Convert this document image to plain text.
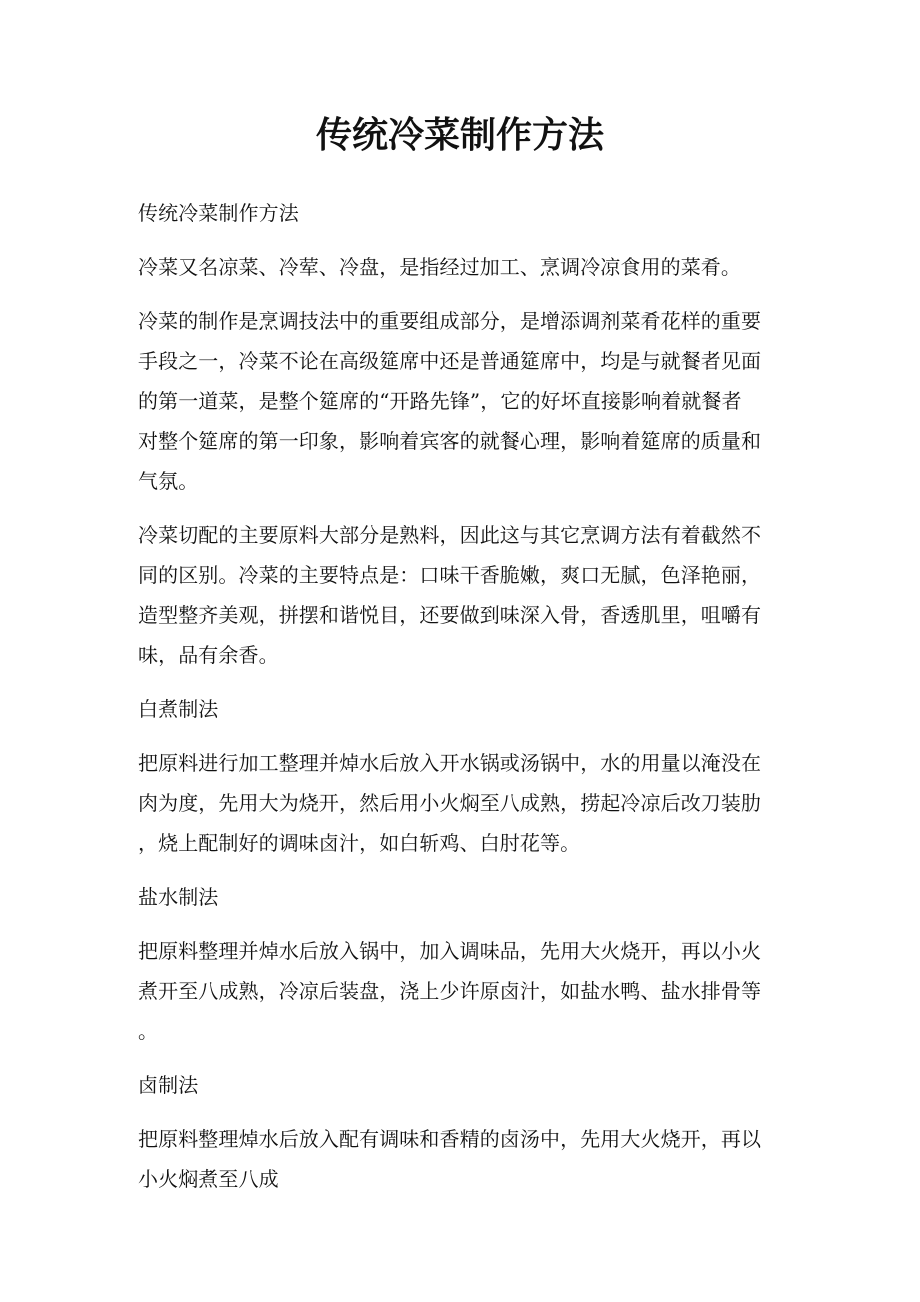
传统冷菜制作方法
传统冷菜制作方法
冷菜又名凉菜、冷荤、冷盘，是指经过加工、烹调冷凉食用的菜肴。
冷菜的制作是烹调技法中的重要组成部分，是增添调剂菜肴花样的重要
手段之一，冷菜不论在高级筵席中还是普通筵席中，均是与就餐者见面
的第一道菜，是整个筵席的“开路先锋”，它的好坏直接影响着就餐者
对整个筵席的第一印象，影响着宾客的就餐心理，影响着筵席的质量和
气氛。
冷菜切配的主要原料大部分是熟料，因此这与其它烹调方法有着截然不
同的区别。冷菜的主要特点是：口味干香脆嫩，爽口无腻，色泽艳丽，
造型整齐美观，拼摆和谐悦目，还要做到味深入骨，香透肌里，咀嚼有
味，品有余香。
白煮制法
把原料进行加工整理并焯水后放入开水锅或汤锅中，水的用量以淹没在
肉为度，先用大为烧开，然后用小火焖至八成熟，捞起冷凉后改刀装肋
，烧上配制好的调味卤汁，如白斩鸡、白肘花等。
盐水制法
把原料整理并焯水后放入锅中，加入调味品，先用大火烧开，再以小火
煮开至八成熟，冷凉后装盘，浇上少许原卤汁，如盐水鸭、盐水排骨等
。
卤制法
把原料整理焯水后放入配有调味和香精的卤汤中，先用大火烧开，再以
小火焖煮至八成
